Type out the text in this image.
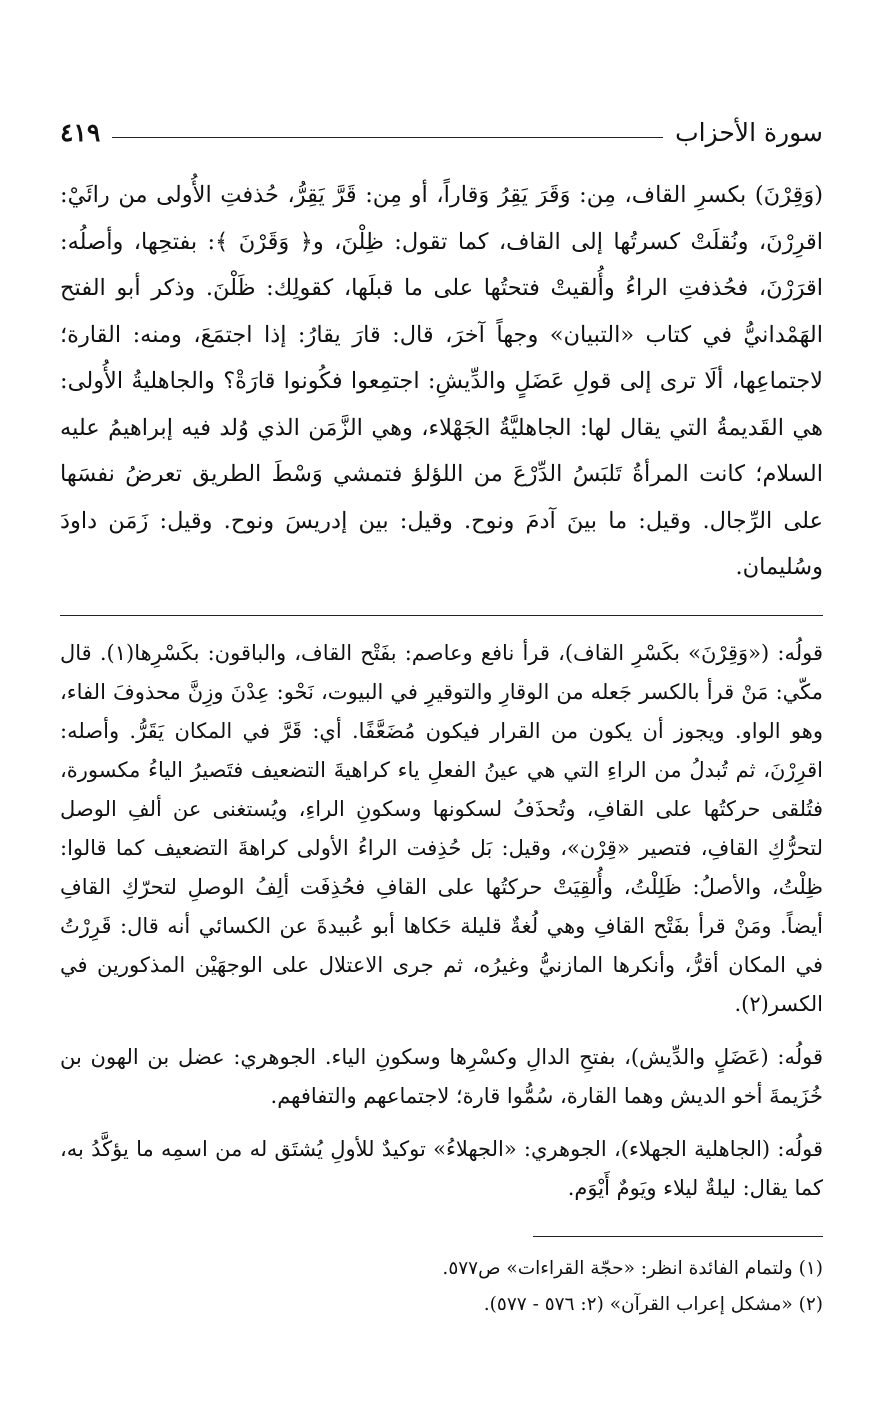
سورة الأحزاب
٤١٩

(وَقِرْنَ) بكسرِ القاف، مِن: وَقَرَ يَقِرُ وَقاراً، أو مِن: قَرَّ يَقِرُّ، حُذفتِ الأُولى من رائَيْ: اقرِرْنَ، ونُقلَتْ كسرتُها إلى القاف، كما تقول: ظِلْنَ، و﴿ وَقَرْنَ ﴾: بفتحِها، وأصلُه: اقرَرْنَ، فحُذفتِ الراءُ وأُلقيتْ فتحتُها على ما قبلَها، كقولِك: ظَلْنَ. وذكر أبو الفتح الهَمْدانيُّ في كتاب «التبيان» وجهاً آخرَ، قال: قارَ يقارُ: إذا اجتمَعَ، ومنه: القارة؛ لاجتماعِها، ألَا ترى إلى قولِ عَضَلٍ والدِّيشِ: اجتمِعوا فكُونوا قارَةْ؟ والجاهليةُ الأُولى: هي القَديمةُ التي يقال لها: الجاهليَّةُ الجَهْلاء، وهي الزَّمَن الذي وُلد فيه إبراهيمُ عليه السلام؛ كانت المرأةُ تَلبَسُ الدِّرْعَ من اللؤلؤ فتمشي وَسْطَ الطريق تعرضُ نفسَها على الرِّجال. وقيل: ما بينَ آدمَ ونوح. وقيل: بين إدريسَ ونوح. وقيل: زَمَن داودَ وسُليمان.

قولُه: («وَقِرْنَ» بكَسْرِ القاف)، قرأ نافع وعاصم: بفَتْح القاف، والباقون: بكَسْرِها(١). قال مكّي: مَنْ قرأ بالكسر جَعله من الوقارِ والتوقيرِ في البيوت، نَحْو: عِدْنَ وزِنَّ محذوفَ الفاء، وهو الواو. ويجوز أن يكون من القرار فيكون مُضَعَّفًا. أي: قَرَّ في المكان يَقَرُّ. وأصله: اقرِرْنَ، ثم تُبدلُ من الراءِ التي هي عينُ الفعلِ ياء كراهيةَ التضعيف فتَصيرُ الياءُ مكسورة، فتُلقى حركتُها على القافِ، وتُحذَفُ لسكونها وسكونِ الراءِ، ويُستغنى عن ألفِ الوصل لتحرُّكِ القافِ، فتصير «قِرْن»، وقيل: بَل حُذِفت الراءُ الأولى كراهةَ التضعيف كما قالوا: ظِلْتُ، والأصلُ: ظَلِلْتُ، وأُلقِيَتْ حركتُها على القافِ فحُذِفَت ألِفُ الوصلِ لتحرّكِ القافِ أيضاً. ومَنْ قرأ بفَتْح القافِ وهي لُغةٌ قليلة حَكاها أبو عُبيدةَ عن الكسائي أنه قال: قَرِرْتُ في المكان أقرُّ، وأنكرها المازنيُّ وغيرُه، ثم جرى الاعتلال على الوجهَيْن المذكورين في الكسر(٢).

قولُه: (عَضَلٍ والدِّيش)، بفتحِ الدالِ وكسْرِها وسكونِ الياء. الجوهري: عضل بن الهون بن خُزَيمةَ أخو الديش وهما القارة، سُمُّوا قارة؛ لاجتماعهم والتفافهم.

قولُه: (الجاهلية الجهلاء)، الجوهري: «الجهلاءُ» توكيدٌ للأولِ يُشتَق له من اسمِه ما يؤكَّدُ به، كما يقال: ليلةٌ ليلاء ويَومٌ أَيْوَم.

(١) ولتمام الفائدة انظر: «حجّة القراءات» ص٥٧٧.

(٢) «مشكل إعراب القرآن» (٢: ٥٧٦ - ٥٧٧).
